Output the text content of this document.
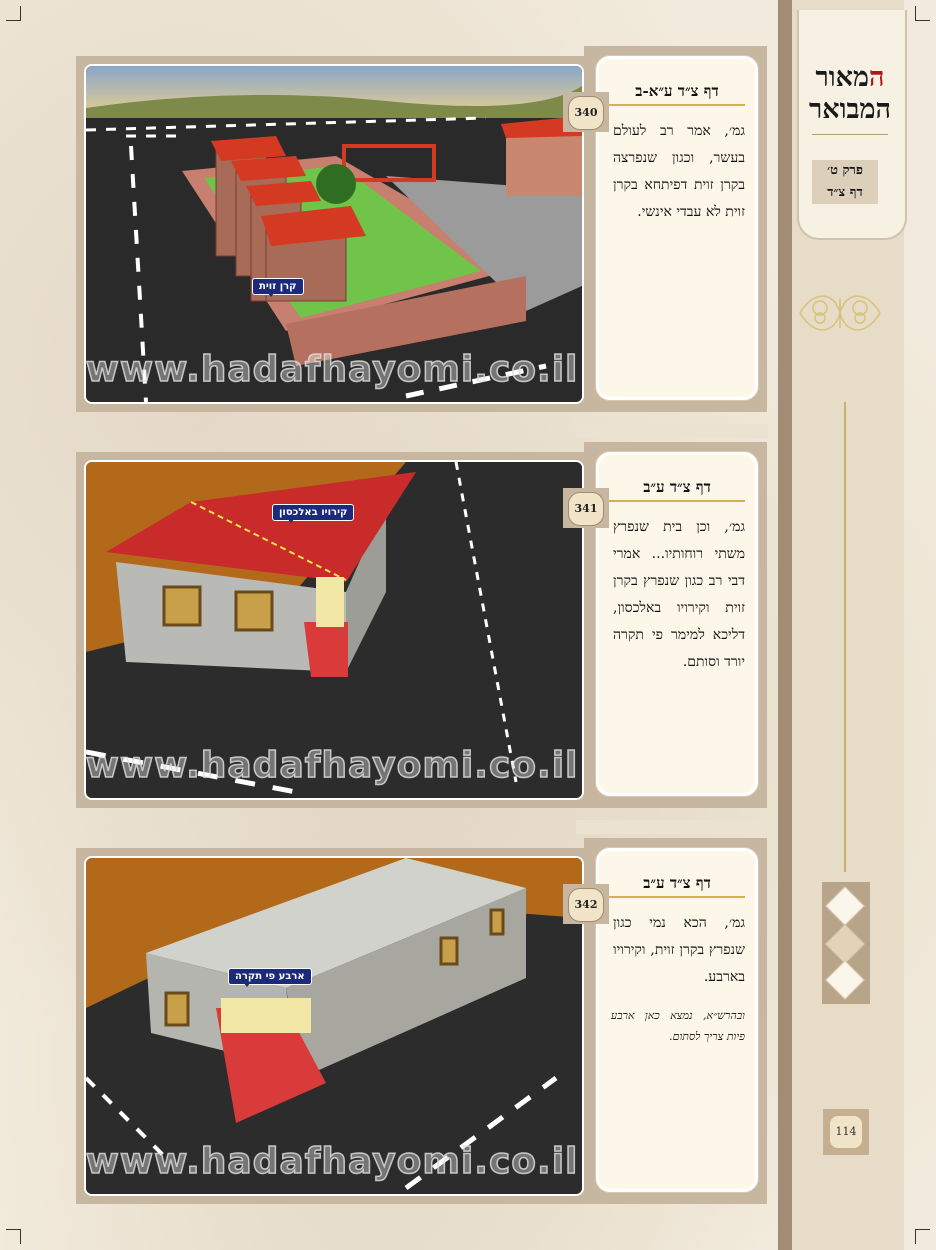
המאור
המבואר
פרק ט׳
דף צ״ד
114
קרן זוית
www.hadafhayomi.co.il
דף צ״ד ע״א-ב
גמ׳, אמר רב לעולם בעשר, וכגון שנפרצה בקרן זוית דפיתחא בקרן זוית לא עבדי אינשי.
340
קירויו באלכסון
www.hadafhayomi.co.il
דף צ״ד ע״ב
גמ׳, וכן בית שנפרץ משתי רוחותיו... אמרי דבי רב כגון שנפרץ בקרן זוית וקירויו באלכסון, דליכא למימר פי תקרה יורד וסותם.
341
ארבע פי תקרה
www.hadafhayomi.co.il
דף צ״ד ע״ב
גמ׳, הכא נמי כגון שנפרץ בקרן זוית, וקירויו בארבע.
ובהרש״א, נמצא כאן ארבע פיות צריך לסתום.
342
